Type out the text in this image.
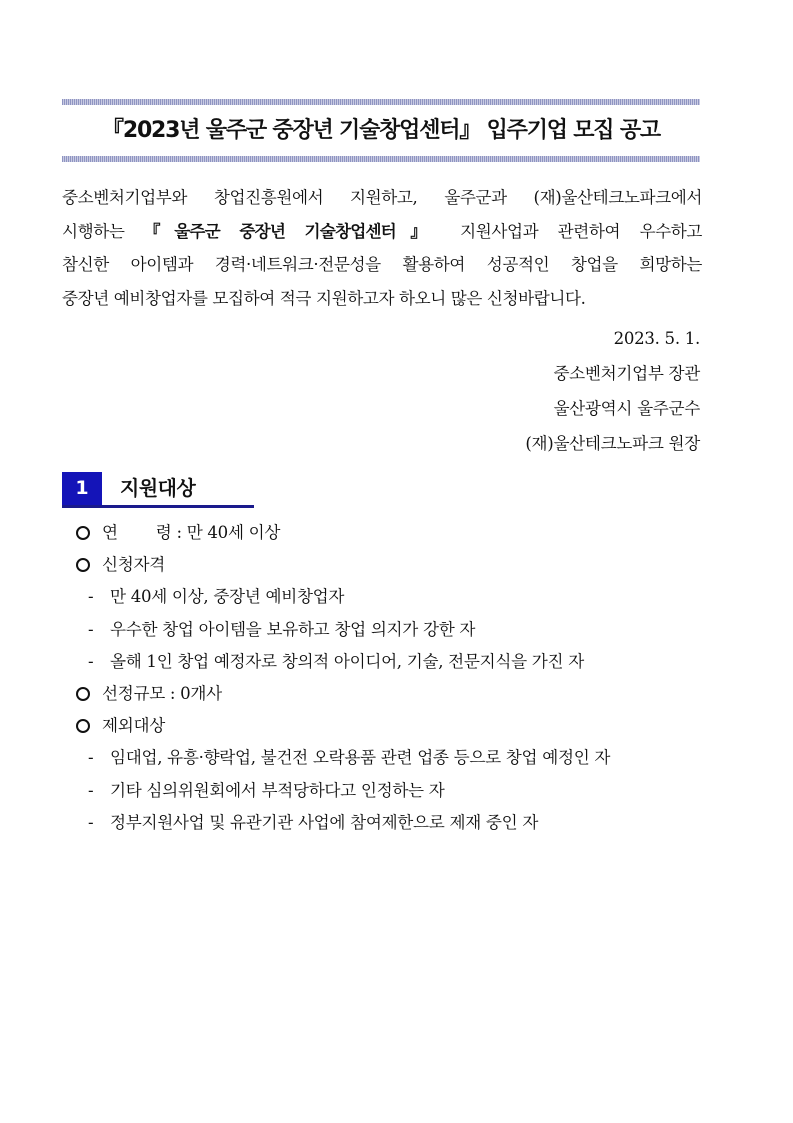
『2023년 울주군 중장년 기술창업센터』 입주기업 모집 공고
중소벤처기업부와 창업진흥원에서 지원하고, 울주군과 (재)울산테크노파크에서
시행하는 『울주군 중장년 기술창업센터』 지원사업과 관련하여 우수하고
참신한 아이템과 경력·네트워크·전문성을 활용하여 성공적인 창업을 희망하는
중장년 예비창업자를 모집하여 적극 지원하고자 하오니 많은 신청바랍니다.
2023. 5. 1.
중소벤처기업부 장관
울산광역시 울주군수
(재)울산테크노파크 원장
1	지원대상
연 령
: 만 40세 이상
신청자격
-	만 40세 이상, 중장년 예비창업자
-	우수한 창업 아이템을 보유하고 창업 의지가 강한 자
-	올해 1인 창업 예정자로 창의적 아이디어, 기술, 전문지식을 가진 자
선정규모 : 0개사
제외대상
-	임대업, 유흥·향락업, 불건전 오락용품 관련 업종 등으로 창업 예정인 자
-	기타 심의위원회에서 부적당하다고 인정하는 자
-	정부지원사업 및 유관기관 사업에 참여제한으로 제재 중인 자
